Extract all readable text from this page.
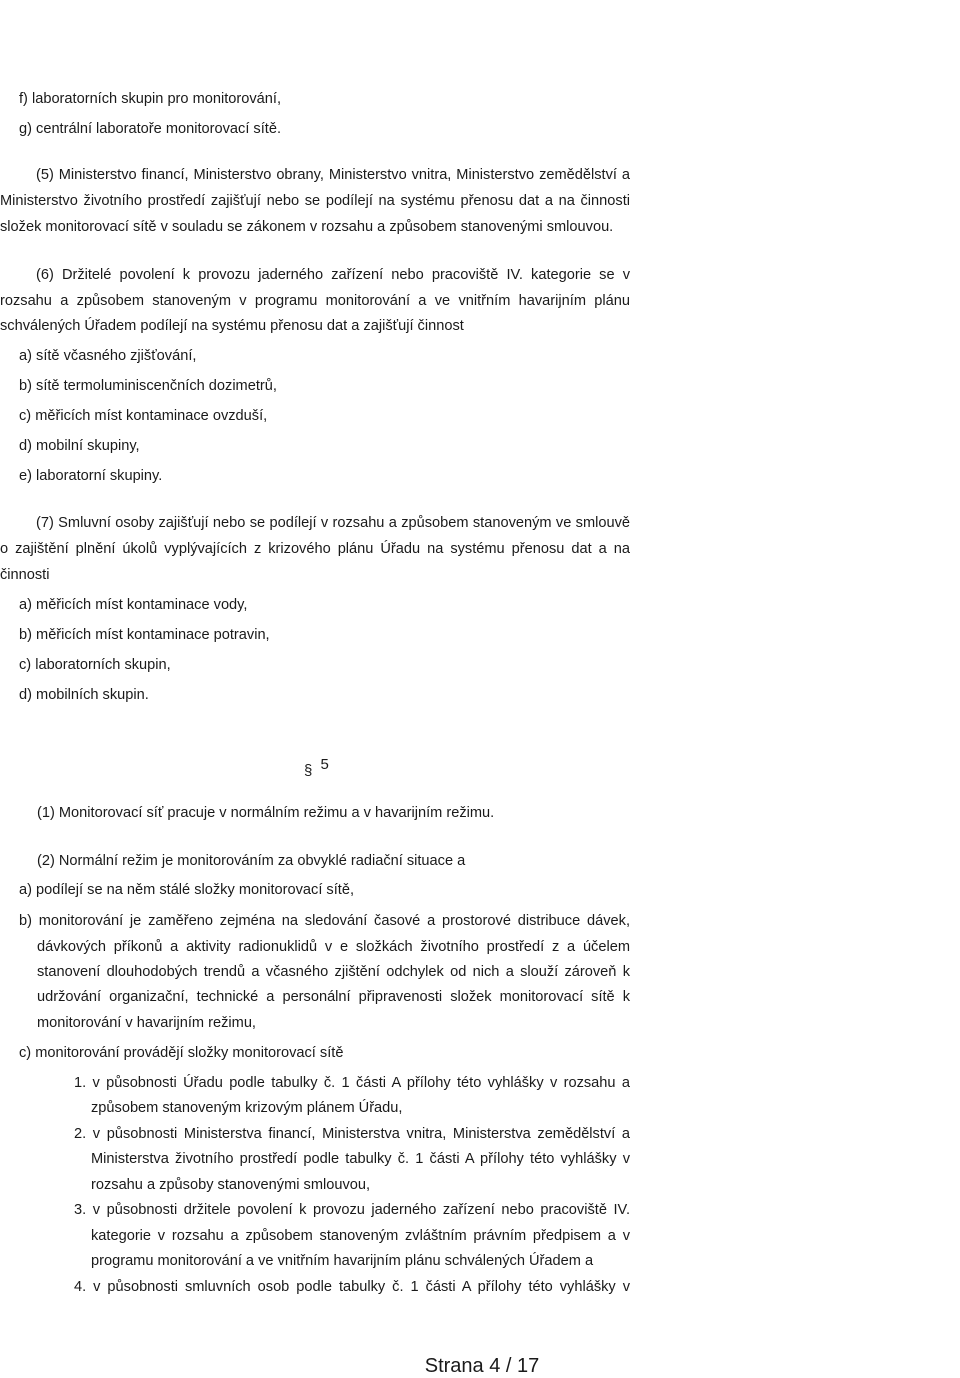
f) laboratorních skupin pro monitorování,
g) centrální laboratoře monitorovací sítě.
(5) Ministerstvo financí, Ministerstvo obrany, Ministerstvo vnitra, Ministerstvo zemědělství a
Ministerstvo životního prostředí zajišťují nebo se podílejí na systému přenosu dat a na činnosti
složek monitorovací sítě v souladu se zákonem v rozsahu a způsobem stanovenými smlouvou.
(6) Držitelé povolení k provozu jaderného zařízení nebo pracoviště IV. kategorie se v
rozsahu a způsobem stanoveným v programu monitorování a ve vnitřním havarijním plánu
schválených Úřadem podílejí na systému přenosu dat a zajišťují činnost
a) sítě včasného zjišťování,
b) sítě termoluminiscenčních dozimetrů,
c) měřicích míst kontaminace ovzduší,
d) mobilní skupiny,
e) laboratorní skupiny.
(7) Smluvní osoby zajišťují nebo se podílejí v rozsahu a způsobem stanoveným ve smlouvě
o zajištění plnění úkolů vyplývajících z krizového plánu Úřadu na systému přenosu dat a na
činnosti
a) měřicích míst kontaminace vody,
b) měřicích míst kontaminace potravin,
c) laboratorních skupin,
d) mobilních skupin.
§ 5
(1) Monitorovací síť pracuje v normálním režimu a v havarijním režimu.
(2) Normální režim je monitorováním za obvyklé radiační situace a
a) podílejí se na něm stálé složky monitorovací sítě,
b) monitorování je zaměřeno zejména na sledování časové a prostorové distribuce dávek,
dávkových příkonů a aktivity radionuklidů v e složkách životního prostředí z a účelem
stanovení dlouhodobých trendů a včasného zjištění odchylek od nich a slouží zároveň k
udržování organizační, technické a personální připravenosti složek monitorovací sítě k
monitorování v havarijním režimu,
c) monitorování provádějí složky monitorovací sítě
1. v působnosti Úřadu podle tabulky č. 1 části A přílohy této vyhlášky v rozsahu a
způsobem stanoveným krizovým plánem Úřadu,
2. v působnosti Ministerstva financí, Ministerstva vnitra, Ministerstva zemědělství a
Ministerstva životního prostředí podle tabulky č. 1 části A přílohy této vyhlášky v
rozsahu a způsoby stanovenými smlouvou,
3. v působnosti držitele povolení k provozu jaderného zařízení nebo pracoviště IV.
kategorie v rozsahu a způsobem stanoveným zvláštním právním předpisem a v
programu monitorování a ve vnitřním havarijním plánu schválených Úřadem a
4. v působnosti smluvních osob podle tabulky č. 1 části A přílohy této vyhlášky v
Strana 4 / 17
